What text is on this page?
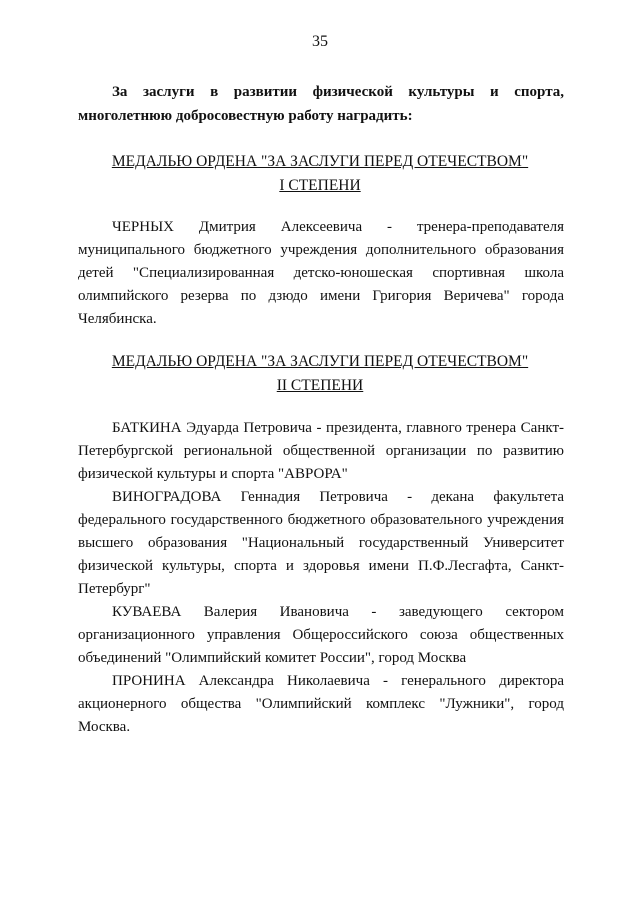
35
За заслуги в развитии физической культуры и спорта, многолетнюю добросовестную работу наградить:
МЕДАЛЬЮ ОРДЕНА "ЗА ЗАСЛУГИ ПЕРЕД ОТЕЧЕСТВОМ"
I СТЕПЕНИ

ЧЕРНЫХ Дмитрия Алексеевича - тренера-преподавателя муниципального бюджетного учреждения дополнительного образования детей "Специализированная детско-юношеская спортивная школа олимпийского резерва по дзюдо имени Григория Веричева" города Челябинска.

МЕДАЛЬЮ ОРДЕНА "ЗА ЗАСЛУГИ ПЕРЕД ОТЕЧЕСТВОМ"
II СТЕПЕНИ

БАТКИНА Эдуарда Петровича - президента, главного тренера Санкт-Петербургской региональной общественной организации по развитию физической культуры и спорта "АВРОРА"

ВИНОГРАДОВА Геннадия Петровича - декана факультета федерального государственного бюджетного образовательного учреждения высшего образования "Национальный государственный Университет физической культуры, спорта и здоровья имени П.Ф.Лесгафта, Санкт-Петербург"

КУВАЕВА Валерия Ивановича - заведующего сектором организационного управления Общероссийского союза общественных объединений "Олимпийский комитет России", город Москва

ПРОНИНА Александра Николаевича - генерального директора акционерного общества "Олимпийский комплекс "Лужники", город Москва.
